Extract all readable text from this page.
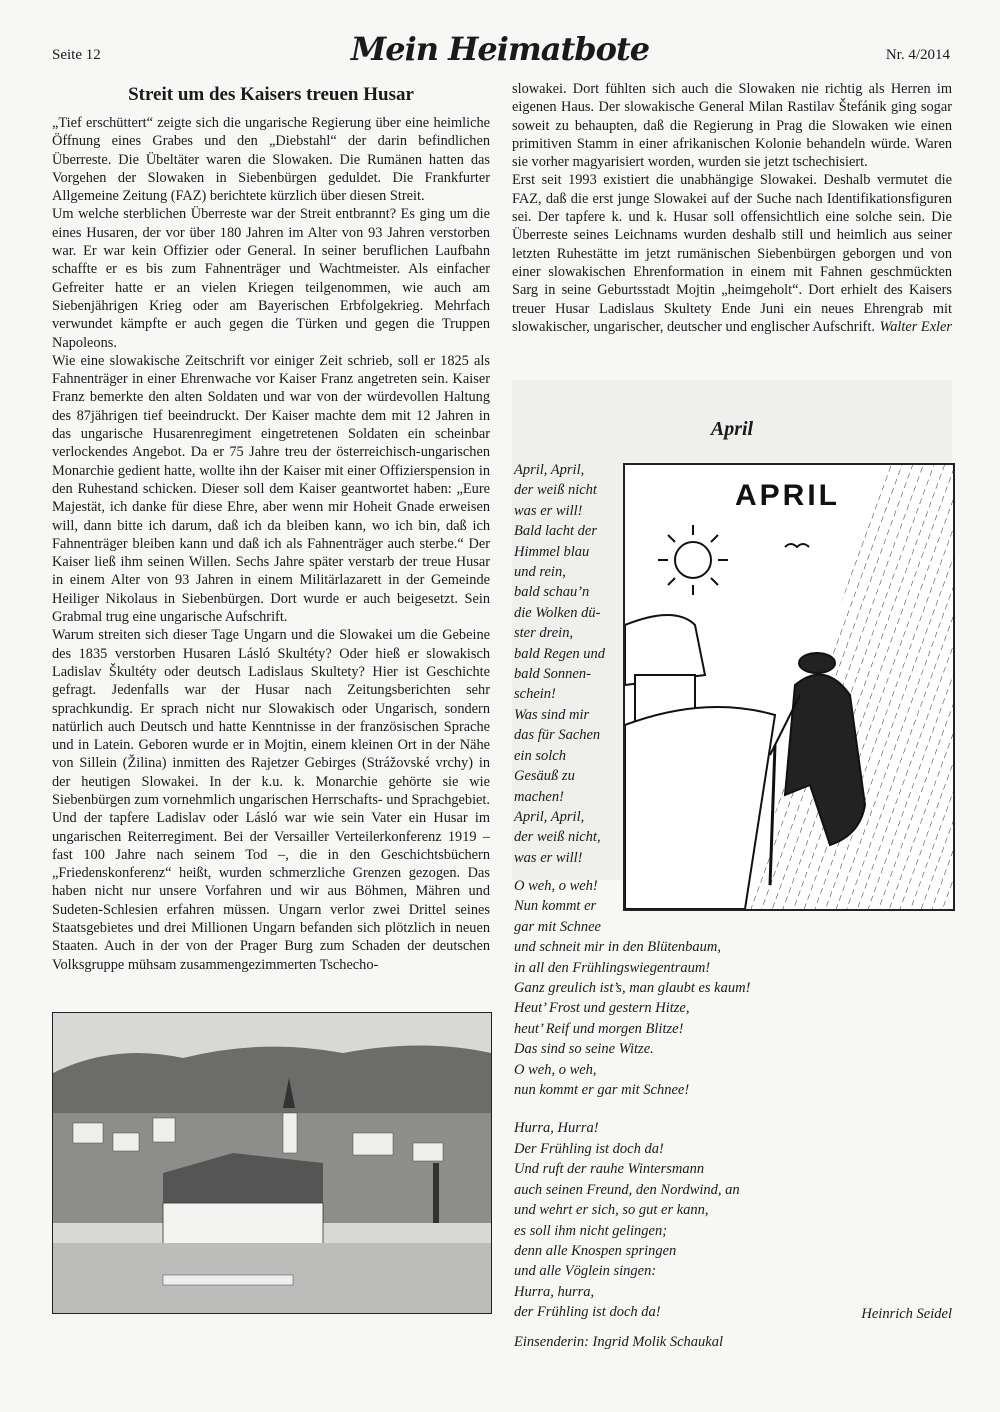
Seite 12	Mein Heimatbote	Nr. 4/2014
Streit um des Kaisers treuen Husar

„Tief erschüttert“ zeigte sich die ungarische Regierung über eine heimliche Öffnung eines Grabes und den „Diebstahl“ der darin befindlichen Überreste. Die Übeltäter waren die Slowaken. Die Rumänen hatten das Vorgehen der Slowaken in Siebenbürgen geduldet. Die Frankfurter Allgemeine Zeitung (FAZ) berichtete kürzlich über diesen Streit.

Um welche sterblichen Überreste war der Streit entbrannt? Es ging um die eines Husaren, der vor über 180 Jahren im Alter von 93 Jahren verstorben war. Er war kein Offizier oder General. In seiner beruflichen Laufbahn schaffte er es bis zum Fahnenträger und Wachtmeister. Als einfacher Gefreiter hatte er an vielen Kriegen teilgenommen, wie auch am Siebenjährigen Krieg oder am Bayerischen Erbfolgekrieg. Mehrfach verwundet kämpfte er auch gegen die Türken und gegen die Truppen Napoleons.

Wie eine slowakische Zeitschrift vor einiger Zeit schrieb, soll er 1825 als Fahnenträger in einer Ehrenwache vor Kaiser Franz angetreten sein. Kaiser Franz bemerkte den alten Soldaten und war von der würdevollen Haltung des 87jährigen tief beeindruckt. Der Kaiser machte dem mit 12 Jahren in das ungarische Husarenregiment eingetretenen Soldaten ein scheinbar verlockendes Angebot. Da er 75 Jahre treu der österreichisch-ungarischen Monarchie gedient hatte, wollte ihn der Kaiser mit einer Offizierspension in den Ruhestand schicken. Dieser soll dem Kaiser geantwortet haben: „Eure Majestät, ich danke für diese Ehre, aber wenn mir Hoheit Gnade erweisen will, dann bitte ich darum, daß ich da bleiben kann, wo ich bin, daß ich Fahnenträger bleiben kann und daß ich als Fahnenträger auch sterbe.“ Der Kaiser ließ ihm seinen Willen. Sechs Jahre später verstarb der treue Husar in einem Alter von 93 Jahren in einem Militärlazarett in der Gemeinde Heiliger Nikolaus in Siebenbürgen. Dort wurde er auch beigesetzt. Sein Grabmal trug eine ungarische Aufschrift.

Warum streiten sich dieser Tage Ungarn und die Slowakei um die Gebeine des 1835 verstorben Husaren Lásló Skultéty? Oder hieß er slowakisch Ladislav Škultéty oder deutsch Ladislaus Skultety? Hier ist Geschichte gefragt. Jedenfalls war der Husar nach Zeitungsberichten sehr sprachkundig. Er sprach nicht nur Slowakisch oder Ungarisch, sondern natürlich auch Deutsch und hatte Kenntnisse in der französischen Sprache und in Latein. Geboren wurde er in Mojtin, einem kleinen Ort in der Nähe von Sillein (Žilina) inmitten des Rajetzer Gebirges (Strážovské vrchy) in der heutigen Slowakei. In der k.u. k. Monarchie gehörte sie wie Siebenbürgen zum vornehmlich ungarischen Herrschafts- und Sprachgebiet. Und der tapfere Ladislav oder Lásló war wie sein Vater ein Husar im ungarischen Reiterregiment. Bei der Versailler Verteilerkonferenz 1919 – fast 100 Jahre nach seinem Tod –, die in den Geschichtsbüchern „Friedenskonferenz“ heißt, wurden schmerzliche Grenzen gezogen. Das haben nicht nur unsere Vorfahren und wir aus Böhmen, Mähren und Sudeten-Schlesien erfahren müssen. Ungarn verlor zwei Drittel seines Staatsgebietes und drei Millionen Ungarn befanden sich plötzlich in neuen Staaten. Auch in der von der Prager Burg zum Schaden der deutschen Volksgruppe mühsam zusammengezimmerten Tschecho-

slowakei. Dort fühlten sich auch die Slowaken nie richtig als Herren im eigenen Haus. Der slowakische General Milan Rastilav Štefánik ging sogar soweit zu behaupten, daß die Regierung in Prag die Slowaken wie einen primitiven Stamm in einer afrikanischen Kolonie behandeln würde. Waren sie vorher magyarisiert worden, wurden sie jetzt tschechisiert.

Erst seit 1993 existiert die unabhängige Slowakei. Deshalb vermutet die FAZ, daß die erst junge Slowakei auf der Suche nach Identifikationsfiguren sei. Der tapfere k. und k. Husar soll offensichtlich eine solche sein. Die Überreste seines Leichnams wurden deshalb still und heimlich aus seiner letzten Ruhestätte im jetzt rumänischen Siebenbürgen geborgen und von einer slowakischen Ehrenformation in einem mit Fahnen geschmückten Sarg in seine Geburtsstadt Mojtin „heimgeholt“. Dort erhielt des Kaisers treuer Husar Ladislaus Skultety Ende Juni ein neues Ehrengrab mit slowakischer, ungarischer, deutscher und englischer Aufschrift. Walter Exler

April
April, April,
der weiß nicht
was er will!
Bald lacht der
Himmel blau
und rein,
bald schau’n
die Wolken dü-
ster drein,
bald Regen und
bald Sonnen-
schein!
Was sind mir
das für Sachen
ein solch
Gesäuß zu
machen!
April, April,
der weiß nicht,
was er will!
APRIL

O weh, o weh!
Nun kommt er
gar mit Schnee
und schneit mir in den Blütenbaum,
in all den Frühlingswiegentraum!
Ganz greulich ist’s, man glaubt es kaum!
Heut’ Frost und gestern Hitze,
heut’ Reif und morgen Blitze!
Das sind so seine Witze.
O weh, o weh,
nun kommt er gar mit Schnee!

Hurra, Hurra!
Der Frühling ist doch da!
Und ruft der rauhe Wintersmann
auch seinen Freund, den Nordwind, an
und wehrt er sich, so gut er kann,
es soll ihm nicht gelingen;
denn alle Knospen springen
und alle Vöglein singen:
Hurra, hurra,
der Frühling ist doch da!	Heinrich Seidel
Einsenderin: Ingrid Molik Schaukal
